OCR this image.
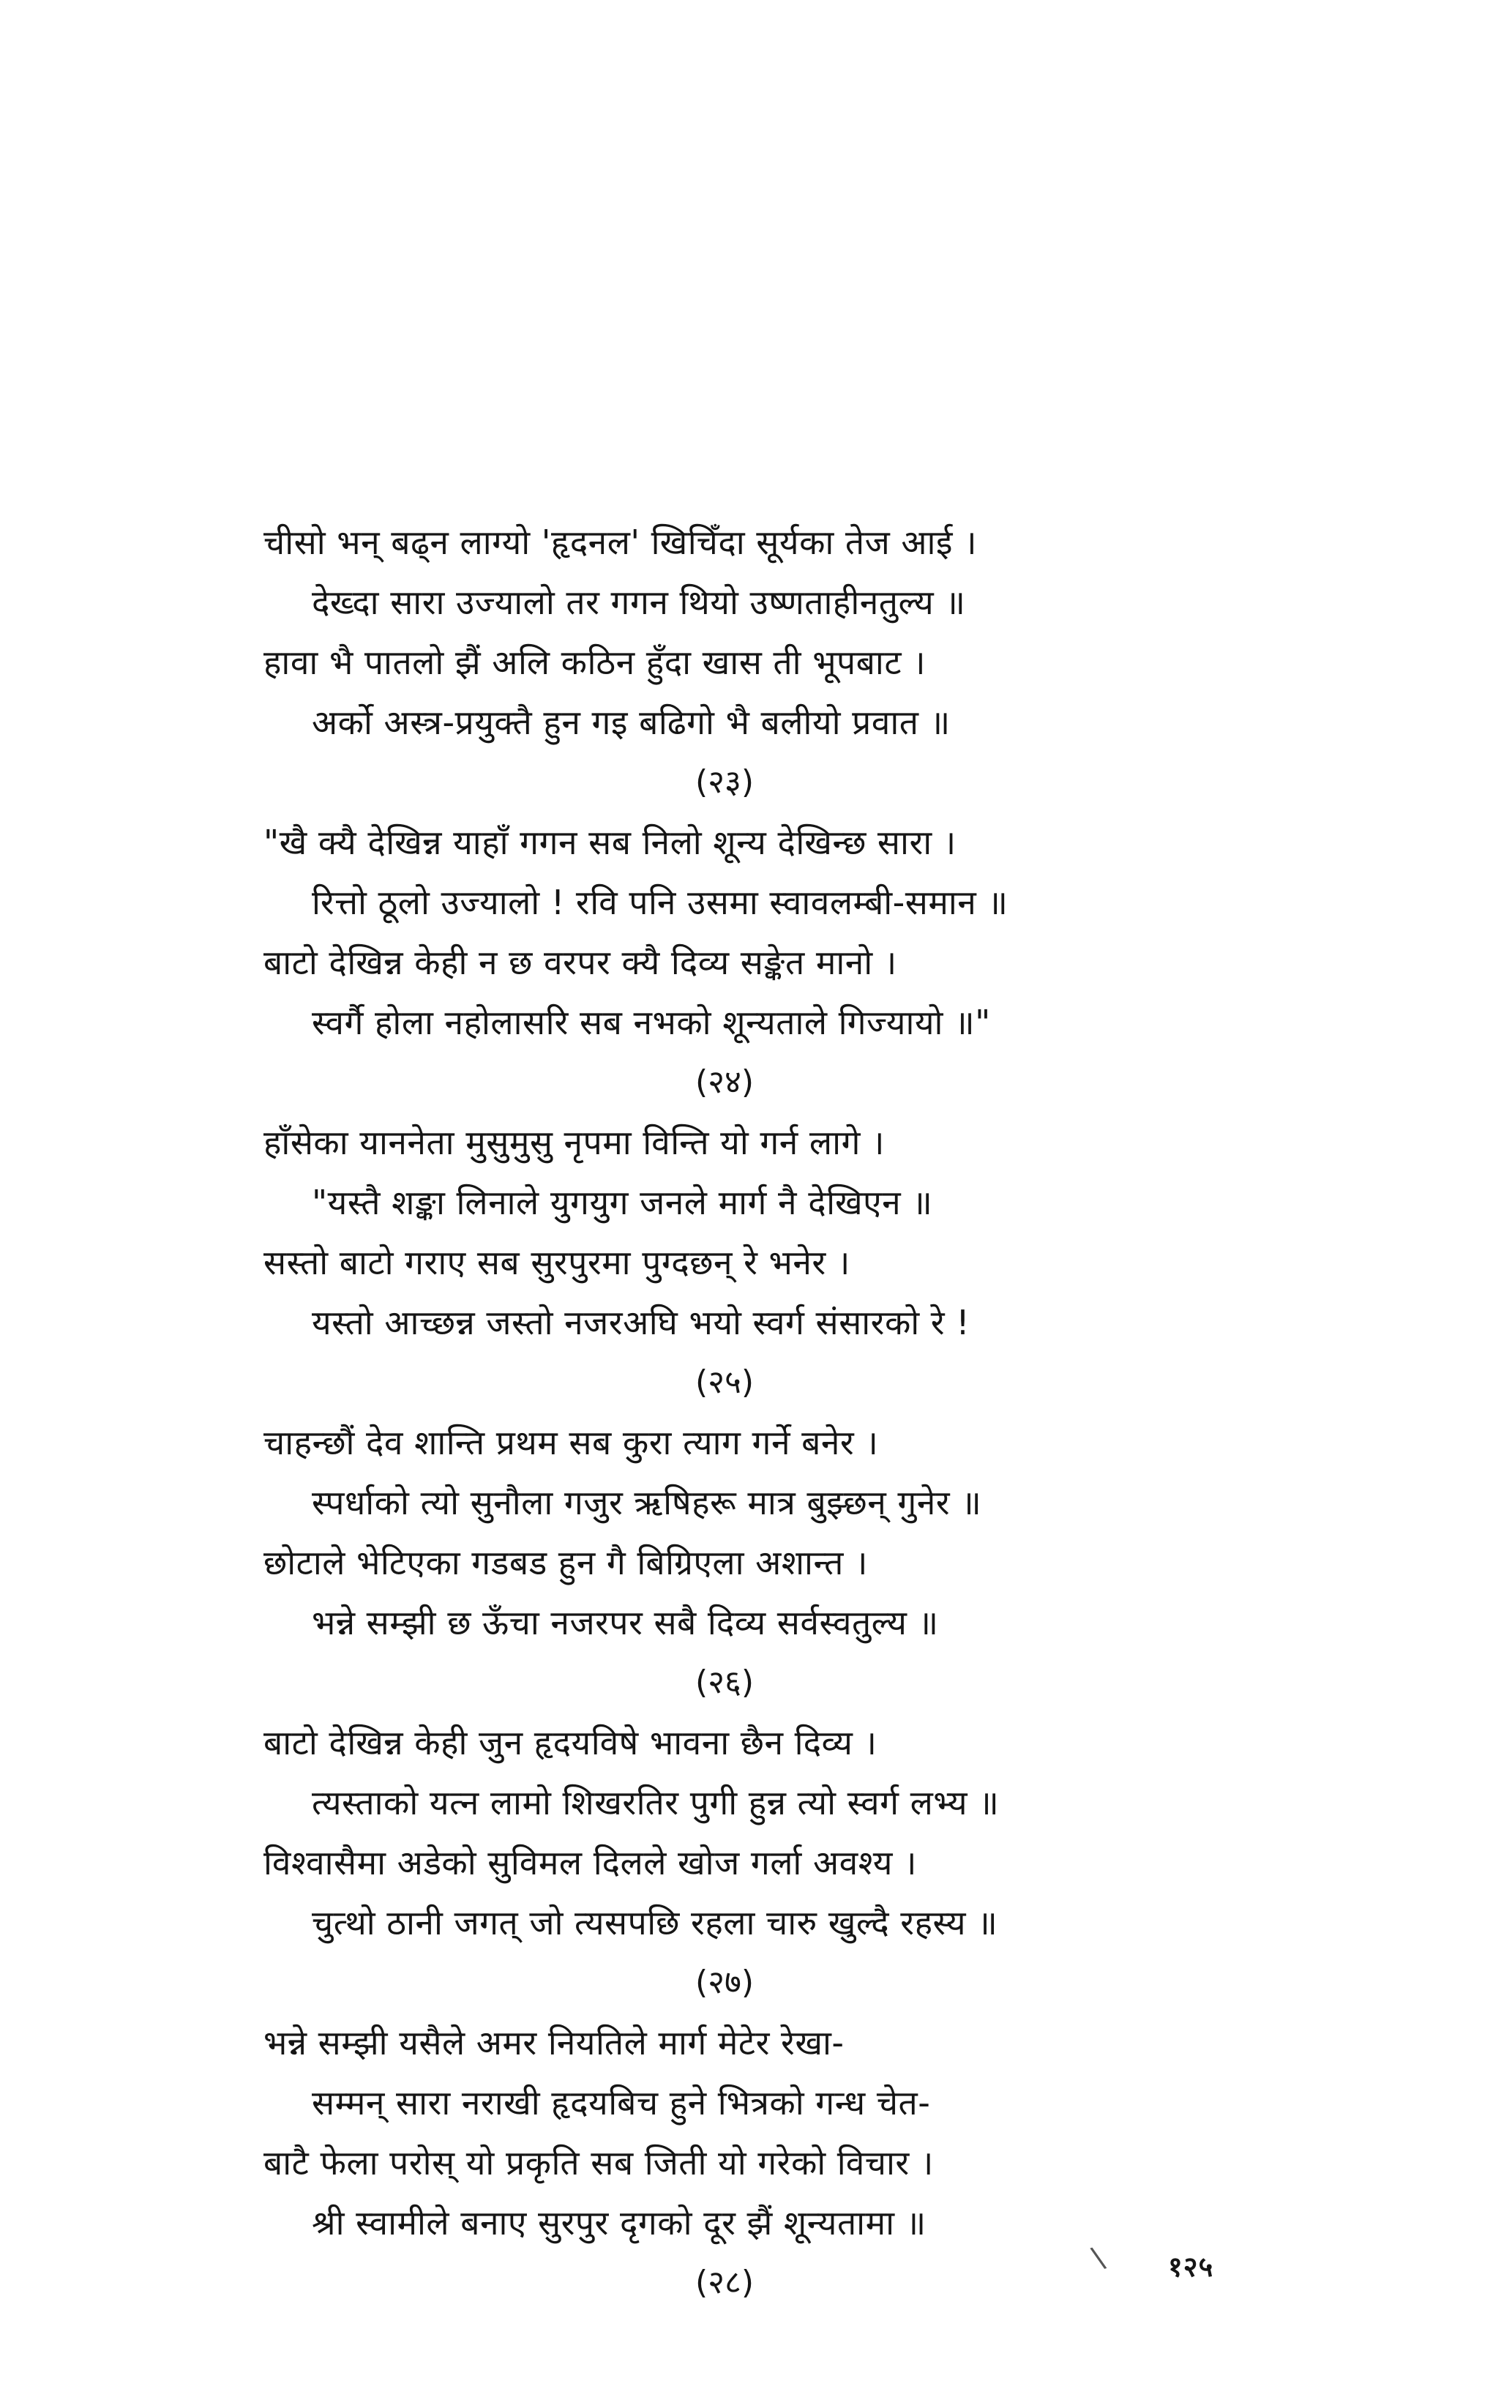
चीसो भन् बढ्न लाग्यो 'हृदनल' खिचिँदा सूर्यका तेज आई ।
देख्दा सारा उज्यालो तर गगन थियो उष्णताहीनतुल्य ॥
हावा भै पातलो झैं अलि कठिन हुँदा खास ती भूपबाट ।
अर्को अस्त्र-प्रयुक्तै हुन गइ बढिगो भै बलीयो प्रवात ॥
(२३)
"खै क्यै देखिन्न याहाँ गगन सब निलो शून्य देखिन्छ सारा ।
रित्तो ठूलो उज्यालो ! रवि पनि उसमा स्वावलम्बी-समान ॥
बाटो देखिन्न केही न छ वरपर क्यै दिव्य सङ्केत मानो ।
स्वर्गै होला नहोलासरि सब नभको शून्यताले गिज्यायो ॥"
(२४)
हाँसेका याननेता मुसुमुसु नृपमा विन्ति यो गर्न लागे ।
"यस्तै शङ्का लिनाले युगयुग जनले मार्ग नै देखिएन ॥
सस्तो बाटो गराए सब सुरपुरमा पुग्दछन् रे भनेर ।
यस्तो आच्छन्न जस्तो नजरअघि भयो स्वर्ग संसारको रे !
(२५)
चाहन्छौं देव शान्ति प्रथम सब कुरा त्याग गर्ने बनेर ।
स्पर्धाको त्यो सुनौला गजुर ऋषिहरू मात्र बुझ्छन् गुनेर ॥
छोटाले भेटिएका गडबड हुन गै बिग्रिएला अशान्त ।
भन्ने सम्झी छ ऊँचा नजरपर सबै दिव्य सर्वस्वतुल्य ॥
(२६)
बाटो देखिन्न केही जुन हृदयविषे भावना छैन दिव्य ।
त्यस्ताको यत्न लामो शिखरतिर पुगी हुन्न त्यो स्वर्ग लभ्य ॥
विश्वासैमा अडेको सुविमल दिलले खोज गर्ला अवश्य ।
चुत्थो ठानी जगत् जो त्यसपछि रहला चारु खुल्दै रहस्य ॥
(२७)
भन्ने सम्झी यसैले अमर नियतिले मार्ग मेटेर रेखा-
सम्मन् सारा नराखी हृदयबिच हुने भित्रको गन्ध चेत-
बाटै फेला परोस् यो प्रकृति सब जिती यो गरेको विचार ।
श्री स्वामीले बनाए सुरपुर दृगको दूर झैं शून्यतामा ॥
(२८)
\ १२५
